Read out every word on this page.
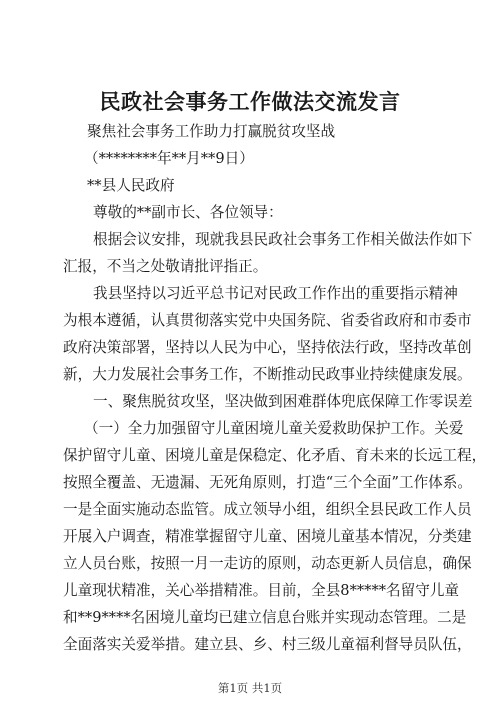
民政社会事务工作做法交流发言
聚焦社会事务工作助力打赢脱贫攻坚战
（********年**月**9日）
**县人民政府
尊敬的**副市长、各位领导：
根据会议安排，现就我县民政社会事务工作相关做法作如下
汇报，不当之处敬请批评指正。
我县坚持以习近平总书记对民政工作作出的重要指示精神
为根本遵循，认真贯彻落实党中央国务院、省委省政府和市委市
政府决策部署，坚持以人民为中心，坚持依法行政，坚持改革创
新，大力发展社会事务工作，不断推动民政事业持续健康发展。
一、聚焦脱贫攻坚，坚决做到困难群体兜底保障工作零误差
（一）全力加强留守儿童困境儿童关爱救助保护工作。关爱
保护留守儿童、困境儿童是保稳定、化矛盾、育未来的长远工程，
按照全覆盖、无遗漏、无死角原则，打造“三个全面”工作体系。
一是全面实施动态监管。成立领导小组，组织全县民政工作人员
开展入户调查，精准掌握留守儿童、困境儿童基本情况，分类建
立人员台账，按照一月一走访的原则，动态更新人员信息，确保
儿童现状精准，关心举措精准。目前，全县8*****名留守儿童
和**9****名困境儿童均已建立信息台账并实现动态管理。二是
全面落实关爱举措。建立县、乡、村三级儿童福利督导员队伍，
第1页 共1页
